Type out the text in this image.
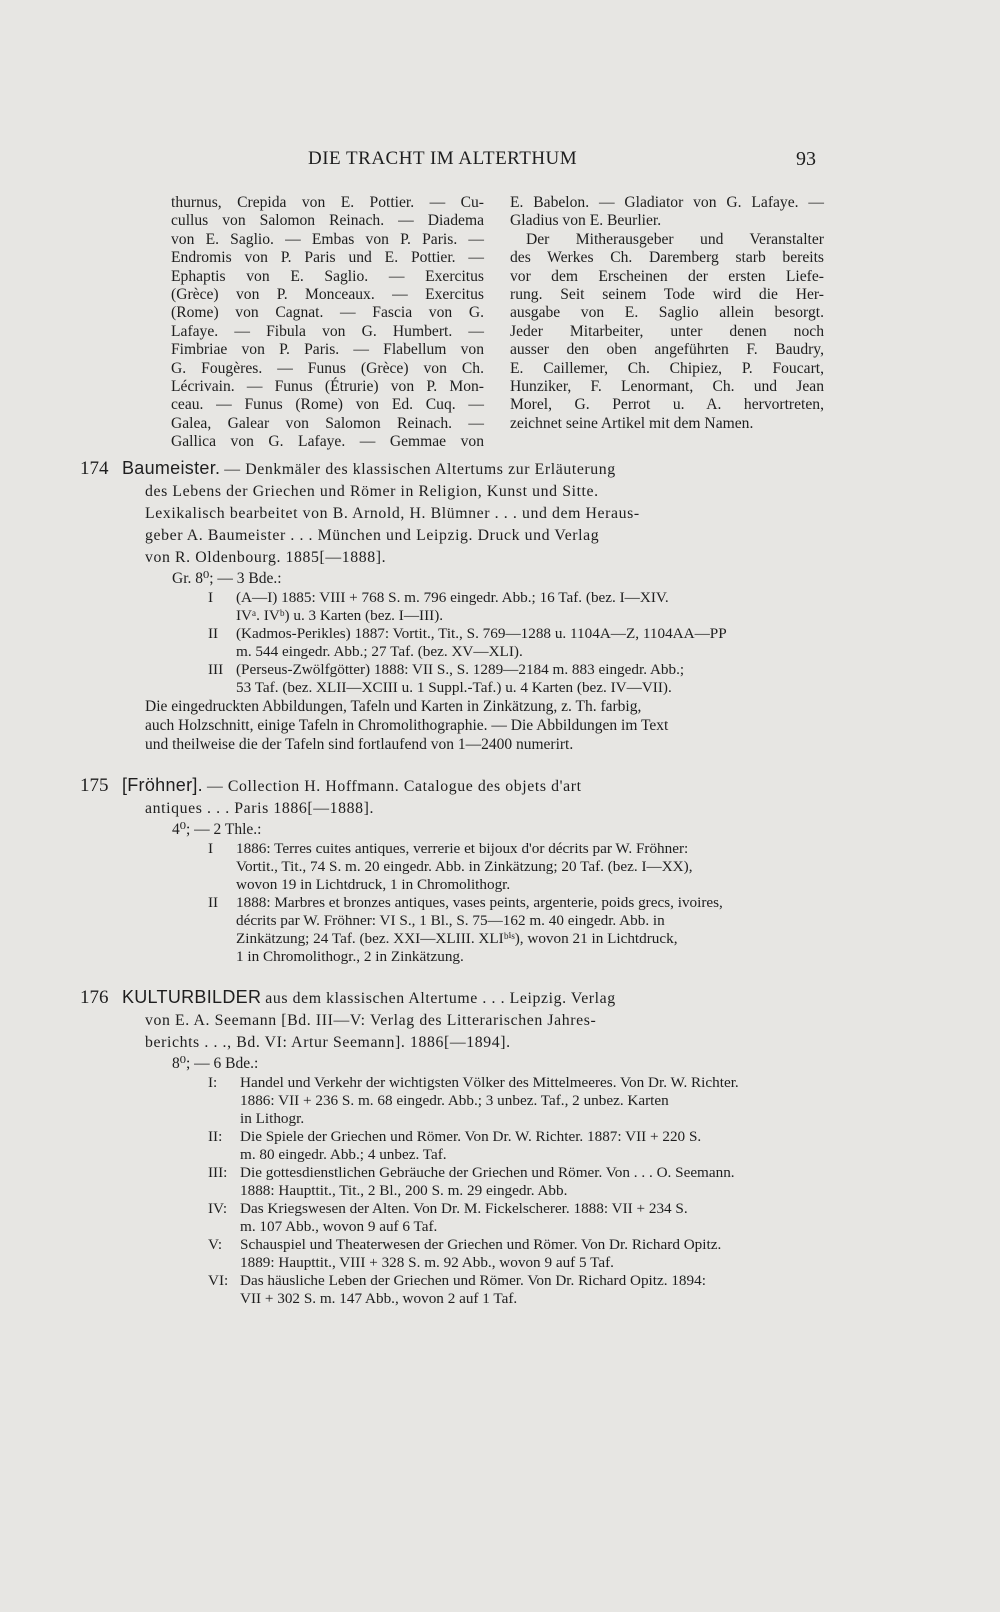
DIE TRACHT IM ALTERTHUM	93
thurnus, Crepida von E. Pottier. — Cu-
cullus von Salomon Reinach. — Diadema
von E. Saglio. — Embas von P. Paris. —
Endromis von P. Paris und E. Pottier. —
Ephaptis von E. Saglio. — Exercitus
(Grèce) von P. Monceaux. — Exercitus
(Rome) von Cagnat. — Fascia von G.
Lafaye. — Fibula von G. Humbert. —
Fimbriae von P. Paris. — Flabellum von
G. Fougères. — Funus (Grèce) von Ch.
Lécrivain. — Funus (Étrurie) von P. Mon-
ceau. — Funus (Rome) von Ed. Cuq. —
Galea, Galear von Salomon Reinach. —
Gallica von G. Lafaye. — Gemmae von
E. Babelon. — Gladiator von G. Lafaye. —
Gladius von E. Beurlier.
Der Mitherausgeber und Veranstalter
des Werkes Ch. Daremberg starb bereits
vor dem Erscheinen der ersten Liefe-
rung. Seit seinem Tode wird die Her-
ausgabe von E. Saglio allein besorgt.
Jeder Mitarbeiter, unter denen noch
ausser den oben angeführten F. Baudry,
E. Caillemer, Ch. Chipiez, P. Foucart,
Hunziker, F. Lenormant, Ch. und Jean
Morel, G. Perrot u. A. hervortreten,
zeichnet seine Artikel mit dem Namen.
174 Baumeister. — Denkmäler des klassischen Altertums zur Erläuterung
des Lebens der Griechen und Römer in Religion, Kunst und Sitte.
Lexikalisch bearbeitet von B. Arnold, H. Blümner . . . und dem Heraus-
geber A. Baumeister . . . München und Leipzig. Druck und Verlag
von R. Oldenbourg. 1885[—1888].
Gr. 8⁰; — 3 Bde.:
I	(A—I) 1885: VIII + 768 S. m. 796 eingedr. Abb.; 16 Taf. (bez. I—XIV.
IVᵃ. IVᵇ) u. 3 Karten (bez. I—III).
II	(Kadmos-Perikles) 1887: Vortit., Tit., S. 769—1288 u. 1104A—Z, 1104AA—PP
m. 544 eingedr. Abb.; 27 Taf. (bez. XV—XLI).
III (Perseus-Zwölfgötter) 1888: VII S., S. 1289—2184 m. 883 eingedr. Abb.;
53 Taf. (bez. XLII—XCIII u. 1 Suppl.-Taf.) u. 4 Karten (bez. IV—VII).
Die eingedruckten Abbildungen, Tafeln und Karten in Zinkätzung, z. Th. farbig,
auch Holzschnitt, einige Tafeln in Chromolithographie. — Die Abbildungen im Text
und theilweise die der Tafeln sind fortlaufend von 1—2400 numerirt.
175 [Fröhner]. — Collection H. Hoffmann. Catalogue des objets d'art
antiques . . . Paris 1886[—1888].
4⁰; — 2 Thle.:
I	1886: Terres cuites antiques, verrerie et bijoux d'or décrits par W. Fröhner:
Vortit., Tit., 74 S. m. 20 eingedr. Abb. in Zinkätzung; 20 Taf. (bez. I—XX),
wovon 19 in Lichtdruck, 1 in Chromolithogr.
II	1888: Marbres et bronzes antiques, vases peints, argenterie, poids grecs, ivoires,
décrits par W. Fröhner: VI S., 1 Bl., S. 75—162 m. 40 eingedr. Abb. in
Zinkätzung; 24 Taf. (bez. XXI—XLIII. XLIᵇⁱˢ), wovon 21 in Lichtdruck,
1 in Chromolithogr., 2 in Zinkätzung.
176 KULTURBILDER aus dem klassischen Altertume . . . Leipzig. Verlag
von E. A. Seemann [Bd. III—V: Verlag des Litterarischen Jahres-
berichts . . ., Bd. VI: Artur Seemann]. 1886[—1894].
8⁰; — 6 Bde.:
I:	Handel und Verkehr der wichtigsten Völker des Mittelmeeres. Von Dr. W. Richter.
1886: VII + 236 S. m. 68 eingedr. Abb.; 3 unbez. Taf., 2 unbez. Karten
in Lithogr.
II:	Die Spiele der Griechen und Römer. Von Dr. W. Richter. 1887: VII + 220 S.
m. 80 eingedr. Abb.; 4 unbez. Taf.
III: Die gottesdienstlichen Gebräuche der Griechen und Römer. Von . . . O. Seemann.
1888: Haupttit., Tit., 2 Bl., 200 S. m. 29 eingedr. Abb.
IV: Das Kriegswesen der Alten. Von Dr. M. Fickelscherer. 1888: VII + 234 S.
m. 107 Abb., wovon 9 auf 6 Taf.
V:	Schauspiel und Theaterwesen der Griechen und Römer. Von Dr. Richard Opitz.
1889: Haupttit., VIII + 328 S. m. 92 Abb., wovon 9 auf 5 Taf.
VI: Das häusliche Leben der Griechen und Römer. Von Dr. Richard Opitz. 1894:
VII + 302 S. m. 147 Abb., wovon 2 auf 1 Taf.
